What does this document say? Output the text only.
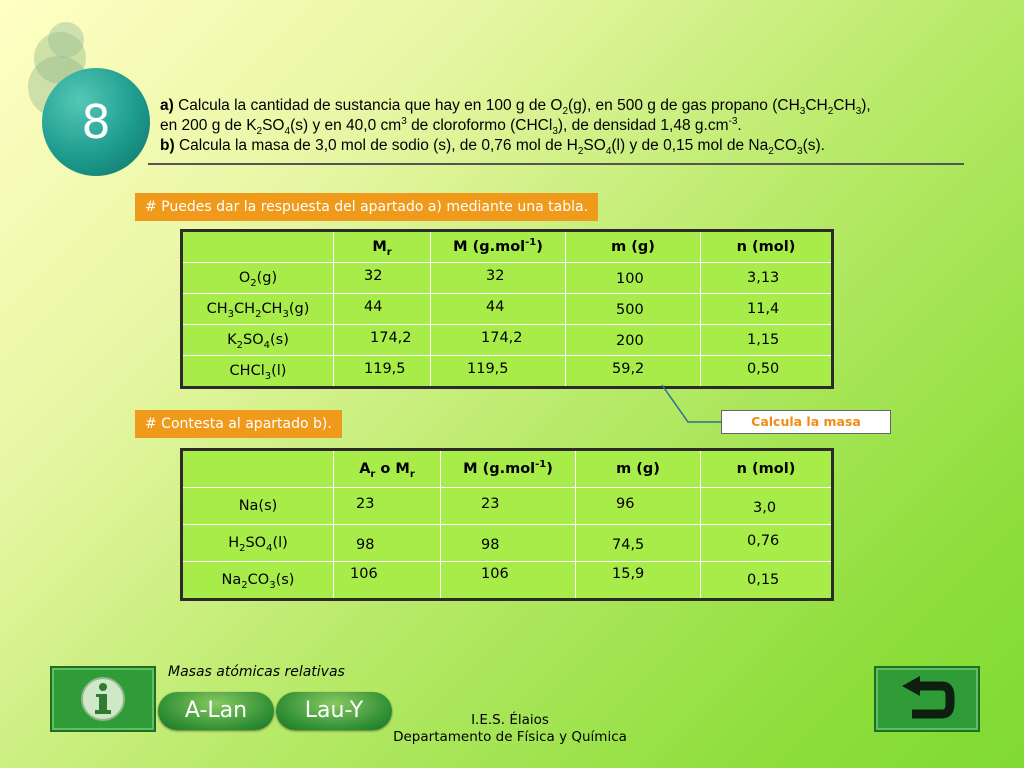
8	a) Calcula la cantidad de sustancia que hay en 100 g de $O_2(g)$, en 500 g de gas propano $(CH_3CH_2CH_3)$,
en 200 g de $K_2SO_4(s)$ y en 40,0 $cm^3$ de cloroformo (CHCl$_3$), de densidad 1,48 $g.cm^{-3}$.
b) Calcula la masa de 3,0 mol de sodio (s), de 0,76 mol de $H_2SO_4(l)$ y de 0,15 mol de $Na_2CO_3(s)$.
# Puedes dar la respuesta del apartado a) mediante una tabla.
	$M_r$	M (g.mol$^{-1}$)	m (g)	n (mol)
$O_2(g)$	32	32	100	3,13

$CH_3CH_2CH_3(g)$	44	44	500	11,4

$K_2SO_4(s)$	174,2	174,2	200	1,15

CHCl$_3$(l)	119,5	119,5	59,2	0,50
Calcula la masa
# Contesta al apartado b).
	$A_r$ o $M_r$	M (g.mol$^{-1}$)	m (g)	n (mol)
Na(s)	23	23	96	3,0

$H_2SO_4(l)$	98	98	74,5	0,76

$Na_2CO_3(s)$	106	106	15,9	0,15
A-Lan	Lau-Y
Masas atómicas relativas
I.E.S. Élaios
Departamento de Física y Química
